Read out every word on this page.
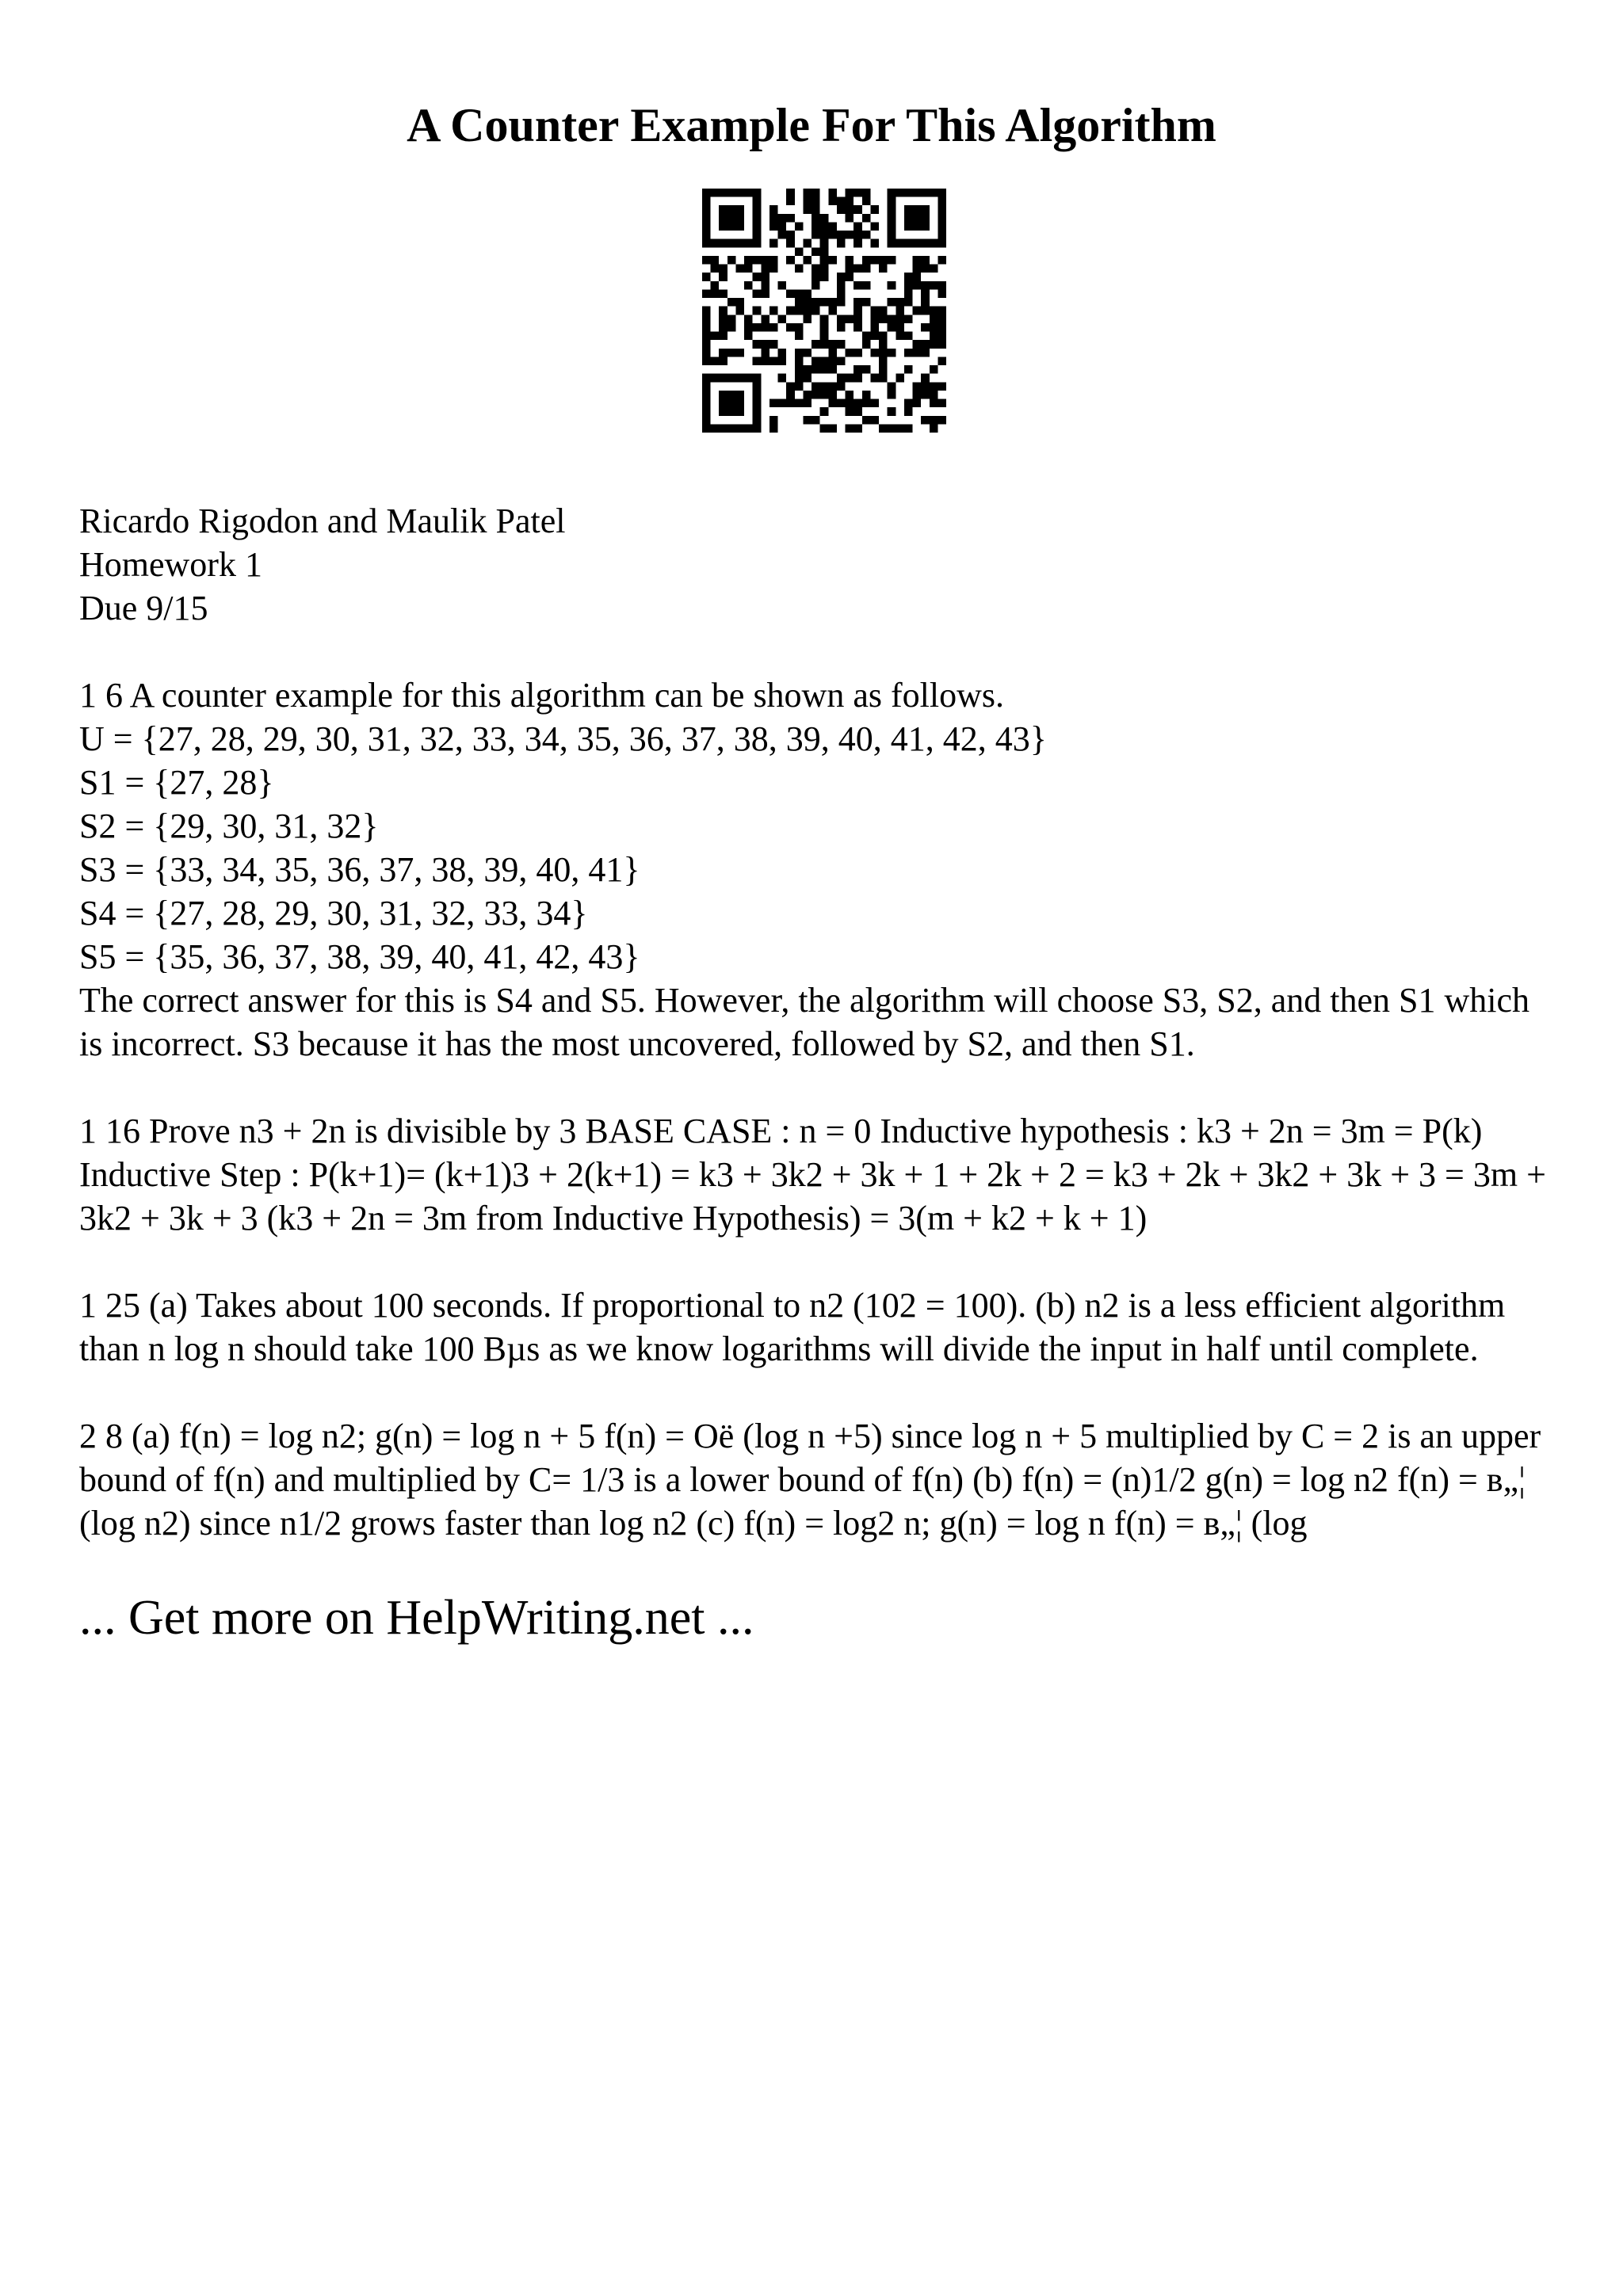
A Counter Example For This Algorithm
Ricardo Rigodon and Maulik Patel
Homework 1
Due 9/15
1 6 A counter example for this algorithm can be shown as follows.
U = {27, 28, 29, 30, 31, 32, 33, 34, 35, 36, 37, 38, 39, 40, 41, 42, 43}
S1 = {27, 28}
S2 = {29, 30, 31, 32}
S3 = {33, 34, 35, 36, 37, 38, 39, 40, 41}
S4 = {27, 28, 29, 30, 31, 32, 33, 34}
S5 = {35, 36, 37, 38, 39, 40, 41, 42, 43}
The correct answer for this is S4 and S5. However, the algorithm will choose S3, S2, and then S1 which is incorrect. S3 because it has the most uncovered, followed by S2, and then S1.
1 16 Prove n3 + 2n is divisible by 3 BASE CASE : n = 0 Inductive hypothesis : k3 + 2n = 3m = P(k) Inductive Step : P(k+1)= (k+1)3 + 2(k+1) = k3 + 3k2 + 3k + 1 + 2k + 2 = k3 + 2k + 3k2 + 3k + 3 = 3m + 3k2 + 3k + 3 (k3 + 2n = 3m from Inductive Hypothesis) = 3(m + k2 + k + 1)
1 25 (a) Takes about 100 seconds. If proportional to n2 (102 = 100). (b) n2 is a less efficient algorithm than n log n should take 100 Bµs as we know logarithms will divide the input in half until complete.
2 8 (a) f(n) = log n2; g(n) = log n + 5 f(n) = Oë (log n +5) since log n + 5 multiplied by C = 2 is an upper bound of f(n) and multiplied by C= 1/3 is a lower bound of f(n) (b) f(n) = (n)1/2 g(n) = log n2 f(n) = в„¦ (log n2) since n1/2 grows faster than log n2 (c) f(n) = log2 n; g(n) = log n f(n) = в„¦ (log
... Get more on HelpWriting.net ...
